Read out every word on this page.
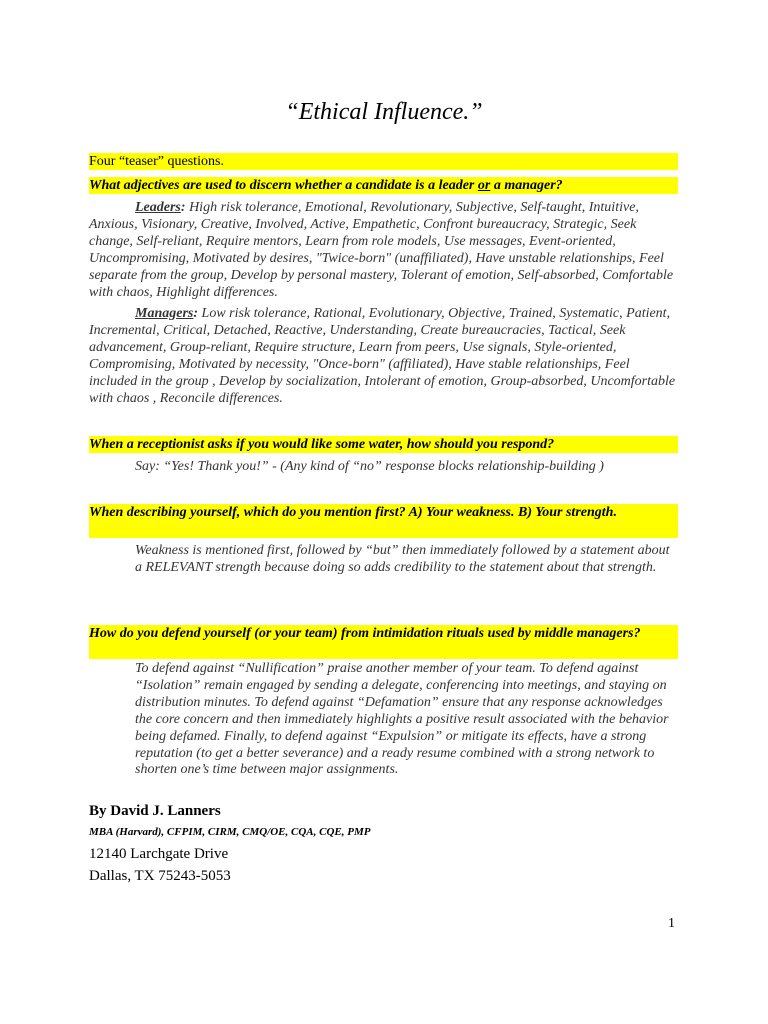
“Ethical Influence.”
Four “teaser” questions.
What adjectives are used to discern whether a candidate is a leader or a manager?
Leaders: High risk tolerance, Emotional, Revolutionary, Subjective, Self-taught, Intuitive, Anxious, Visionary, Creative, Involved, Active, Empathetic, Confront bureaucracy, Strategic, Seek change, Self-reliant, Require mentors, Learn from role models, Use messages, Event-oriented, Uncompromising, Motivated by desires, "Twice-born" (unaffiliated), Have unstable relationships, Feel separate from the group, Develop by personal mastery, Tolerant of emotion, Self-absorbed, Comfortable with chaos, Highlight differences.
Managers: Low risk tolerance, Rational, Evolutionary, Objective, Trained, Systematic, Patient, Incremental, Critical, Detached, Reactive, Understanding, Create bureaucracies, Tactical, Seek advancement, Group-reliant, Require structure, Learn from peers, Use signals, Style-oriented, Compromising, Motivated by necessity, "Once-born" (affiliated), Have stable relationships, Feel included in the group , Develop by socialization, Intolerant of emotion, Group-absorbed, Uncomfortable with chaos , Reconcile differences.
When a receptionist asks if you would like some water, how should you respond?
Say: “Yes! Thank you!” - (Any kind of “no” response blocks relationship-building )
When describing yourself, which do you mention first? A) Your weakness. B) Your strength.
Weakness is mentioned first, followed by “but” then immediately followed by a statement about a RELEVANT strength because doing so adds credibility to the statement about that strength.
How do you defend yourself (or your team) from intimidation rituals used by middle managers?
To defend against “Nullification” praise another member of your team. To defend against “Isolation” remain engaged by sending a delegate, conferencing into meetings, and staying on distribution minutes. To defend against “Defamation” ensure that any response acknowledges the core concern and then immediately highlights a positive result associated with the behavior being defamed. Finally, to defend against “Expulsion” or mitigate its effects, have a strong reputation (to get a better severance) and a ready resume combined with a strong network to shorten one’s time between major assignments.
By David J. Lanners
MBA (Harvard), CFPIM, CIRM, CMQ/OE, CQA, CQE, PMP
12140 Larchgate Drive
Dallas, TX 75243-5053
1
